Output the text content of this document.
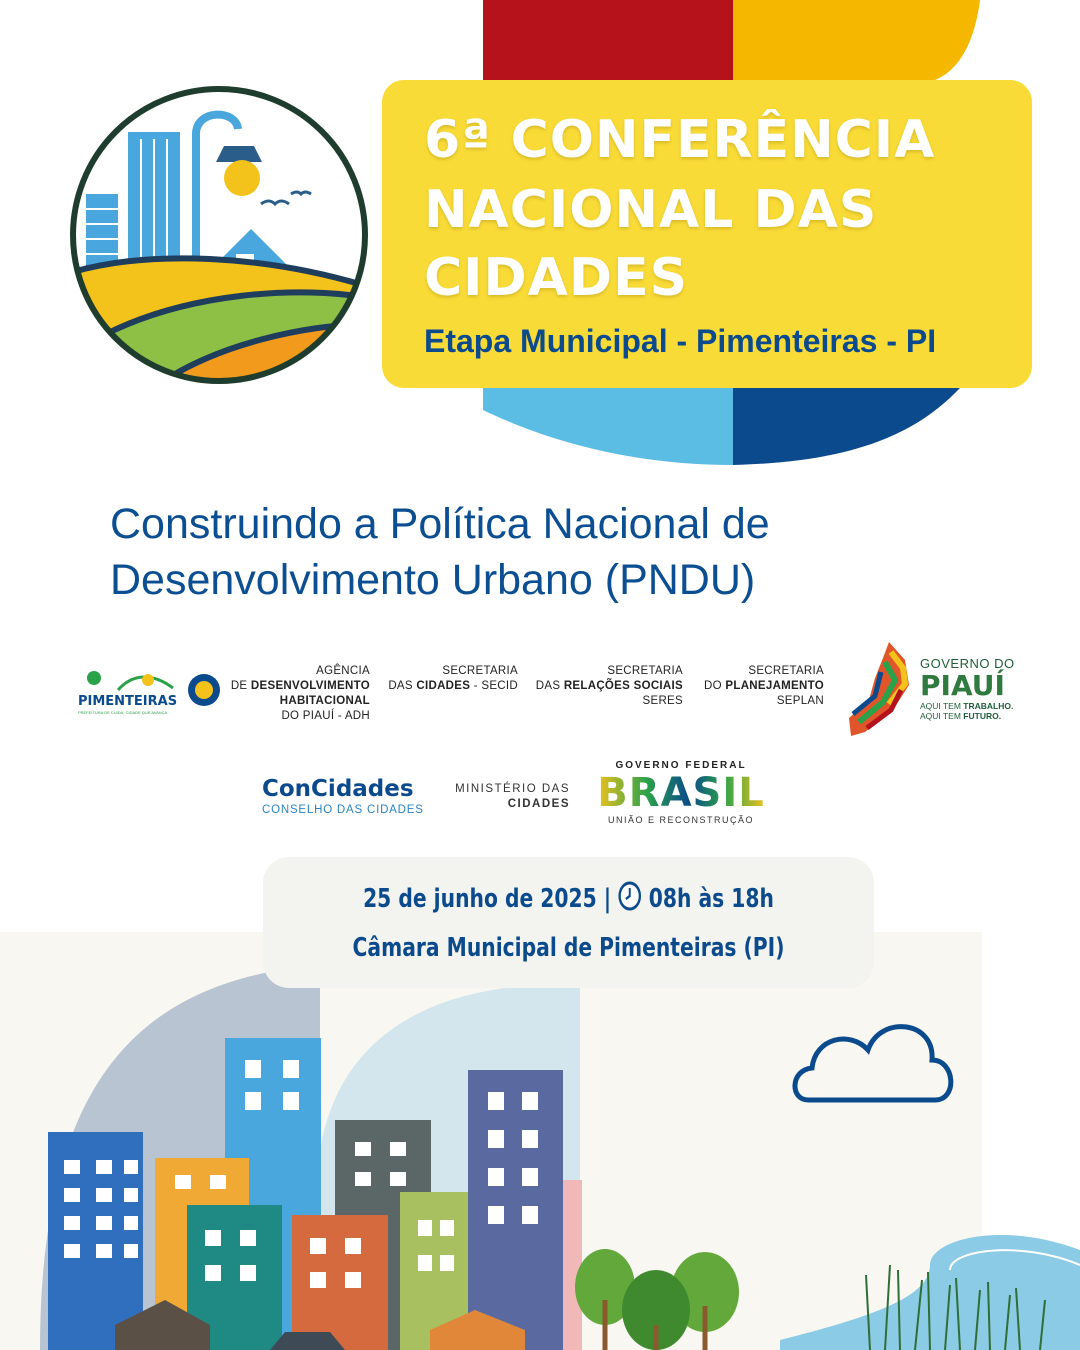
6ª CONFERÊNCIA
NACIONAL DAS
CIDADES
Etapa Municipal - Pimenteiras - PI
Construindo a Política Nacional de
Desenvolvimento Urbano (PNDU)
PIMENTEIRAS
PREFEITURA DE CUIDA, CIDADE QUE AVANÇA
AGÊNCIA
DE DESENVOLVIMENTO
HABITACIONAL
DO PIAUÍ - ADH
SECRETARIA
DAS CIDADES - SECID
SECRETARIA
DAS RELAÇÕES SOCIAIS
SERES
SECRETARIA
DO PLANEJAMENTO
SEPLAN
GOVERNO DO
PIAUÍ
AQUI TEM TRABALHO.
AQUI TEM FUTURO.
ConCidades
CONSELHO DAS CIDADES
MINISTÉRIO DAS
CIDADES
GOVERNO FEDERAL
BRASIL
UNIÃO E RECONSTRUÇÃO
25 de junho de 2025 | 08h às 18h
Câmara Municipal de Pimenteiras (PI)
